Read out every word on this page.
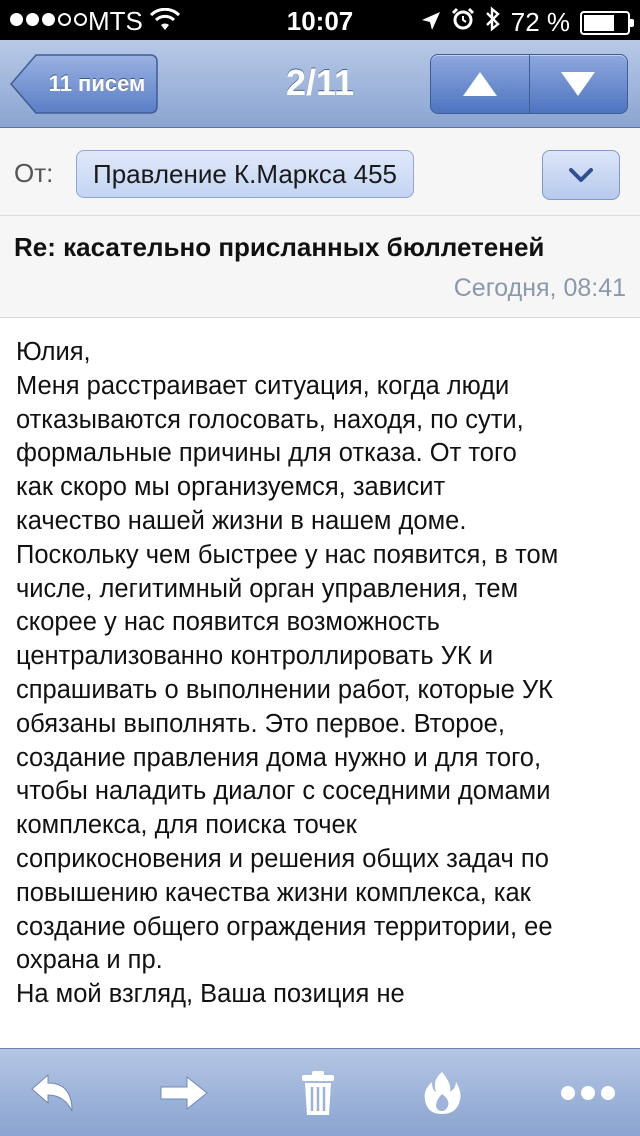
MTS	10:07	72 %
11 писем	2/11
От:	Правление К.Маркса 455
Re: касательно присланных бюллетеней
Сегодня, 08:41

Юлия,

Меня расстраивает ситуация, когда люди

отказываются голосовать, находя, по сути,

формальные причины для отказа. От того

как скоро мы организуемся, зависит

качество нашей жизни в нашем доме.

Поскольку чем быстрее у нас появится, в том

числе, легитимный орган управления, тем

скорее у нас появится возможность

централизованно контроллировать УК и

спрашивать о выполнении работ, которые УК

обязаны выполнять. Это первое. Второе,

создание правления дома нужно и для того,

чтобы наладить диалог с соседними домами

комплекса, для поиска точек

соприкосновения и решения общих задач по

повышению качества жизни комплекса, как

создание общего ограждения территории, ее

охрана и пр.

На мой взгляд, Ваша позиция не
